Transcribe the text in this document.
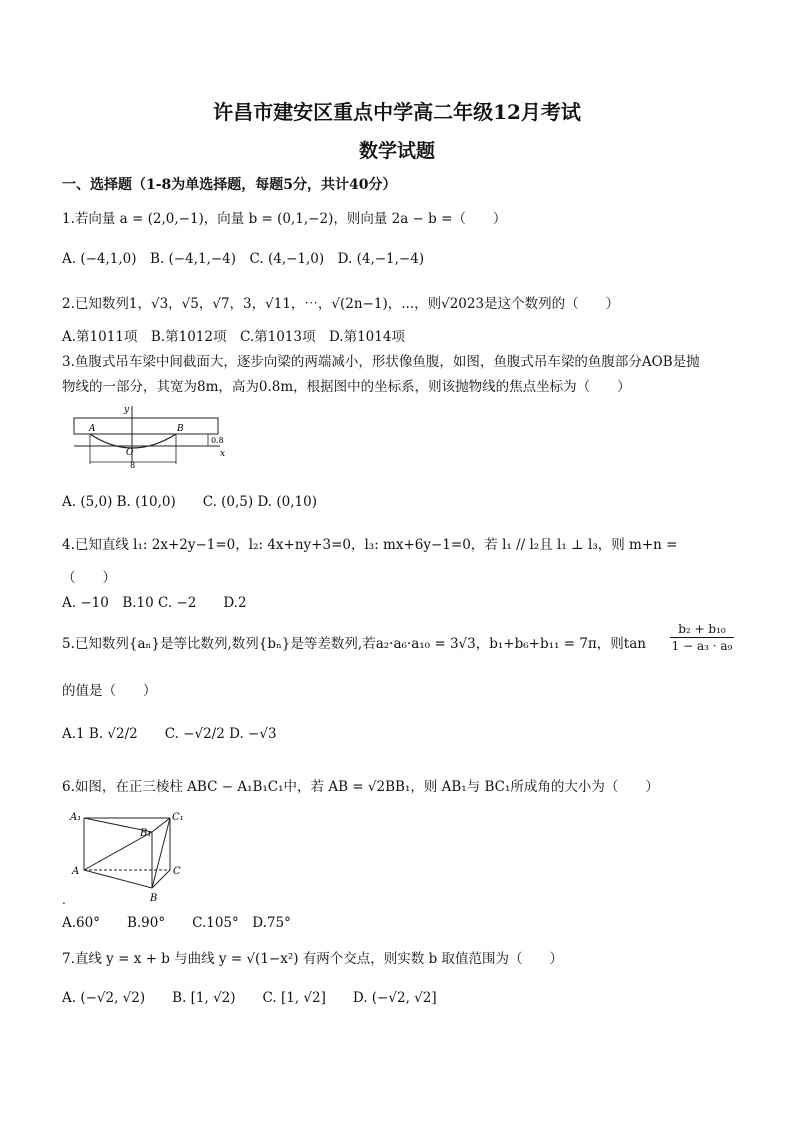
许昌市建安区重点中学高二年级12月考试
数学试题
一、选择题（1-8为单选择题，每题5分，共计40分）
1.若向量 a = (2,0,−1)，向量 b = (0,1,−2)，则向量 2a − b =（　　）
A. (−4,1,0)　B. (−4,1,−4)　C. (4,−1,0)　D. (4,−1,−4)
2.已知数列1，√3，√5，√7，3，√11，⋯，√(2n−1)，...，则√2023是这个数列的（　　）
A.第1011项　B.第1012项　C.第1013项　D.第1014项
3.鱼腹式吊车梁中间截面大，逐步向梁的两端减小，形状像鱼腹，如图，鱼腹式吊车梁的鱼腹部分AOB是抛
物线的一部分，其宽为8m，高为0.8m，根据图中的坐标系，则该抛物线的焦点坐标为（　　）
A	B
O	x
y
0.8
8
A. (5,0) B. (10,0)　　C. (0,5) D. (0,10)
4.已知直线 l₁: 2x+2y−1=0，l₂: 4x+ny+3=0，l₃: mx+6y−1=0，若 l₁ // l₂且 l₁ ⊥ l₃，则 m+n =
（　　）
A. −10　B.10 C. −2　　D.2
5.已知数列{aₙ}是等比数列,数列{bₙ}是等差数列,若a₂·a₆·a₁₀ = 3√3，b₁+b₆+b₁₁ = 7π，则$\tan \frac{\text{b₂ + b₁₀}}{\text{1 − a₃ · a₉}}$
的值是（　　）
A.1 B. √2/2　　C. −√2/2 D. −√3
6.如图，在正三棱柱 ABC − A₁B₁C₁中，若 AB = √2BB₁，则 AB₁与 BC₁所成角的大小为（　　）
A₁
B₁
C₁
A
B
C
.
A.60°　　B.90°　　C.105°　D.75°
7.直线 y = x + b 与曲线 y = √(1−x²) 有两个交点，则实数 b 取值范围为（　　）
A. (−√2, √2)　　B. [1, √2)　　C. [1, √2]　　D. (−√2, √2]
